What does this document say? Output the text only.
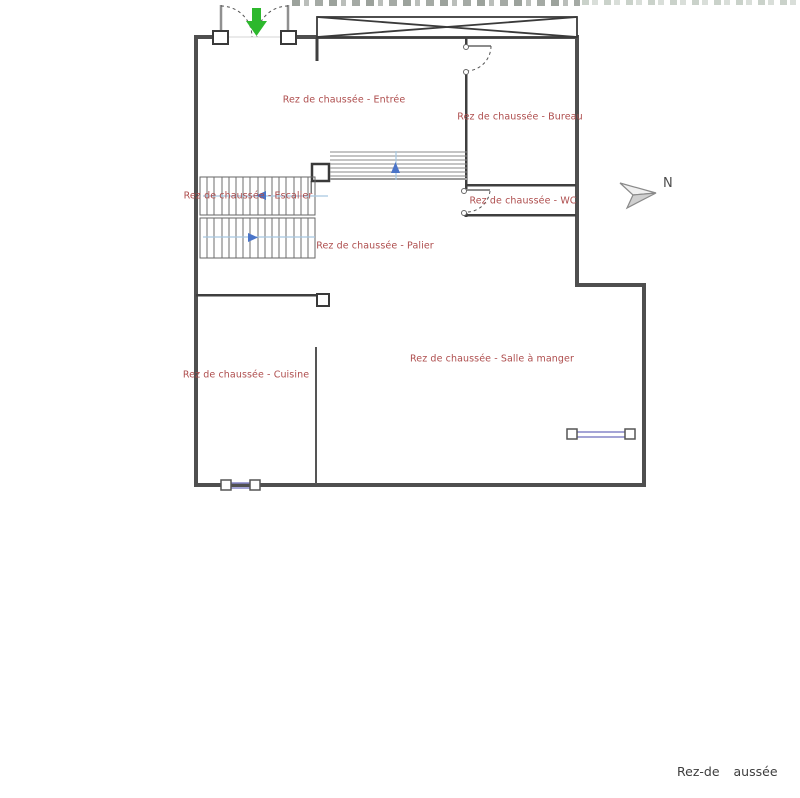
Rez de chaussée - Entrée
Rez de chaussée - Bureau
Rez de chaussée - Escalier	Rez de chaussée - WC
Rez de chaussée - Palier
Rez de chaussée - Cuisine
Rez de chaussée - Salle à manger
N
Rez-de aussée
